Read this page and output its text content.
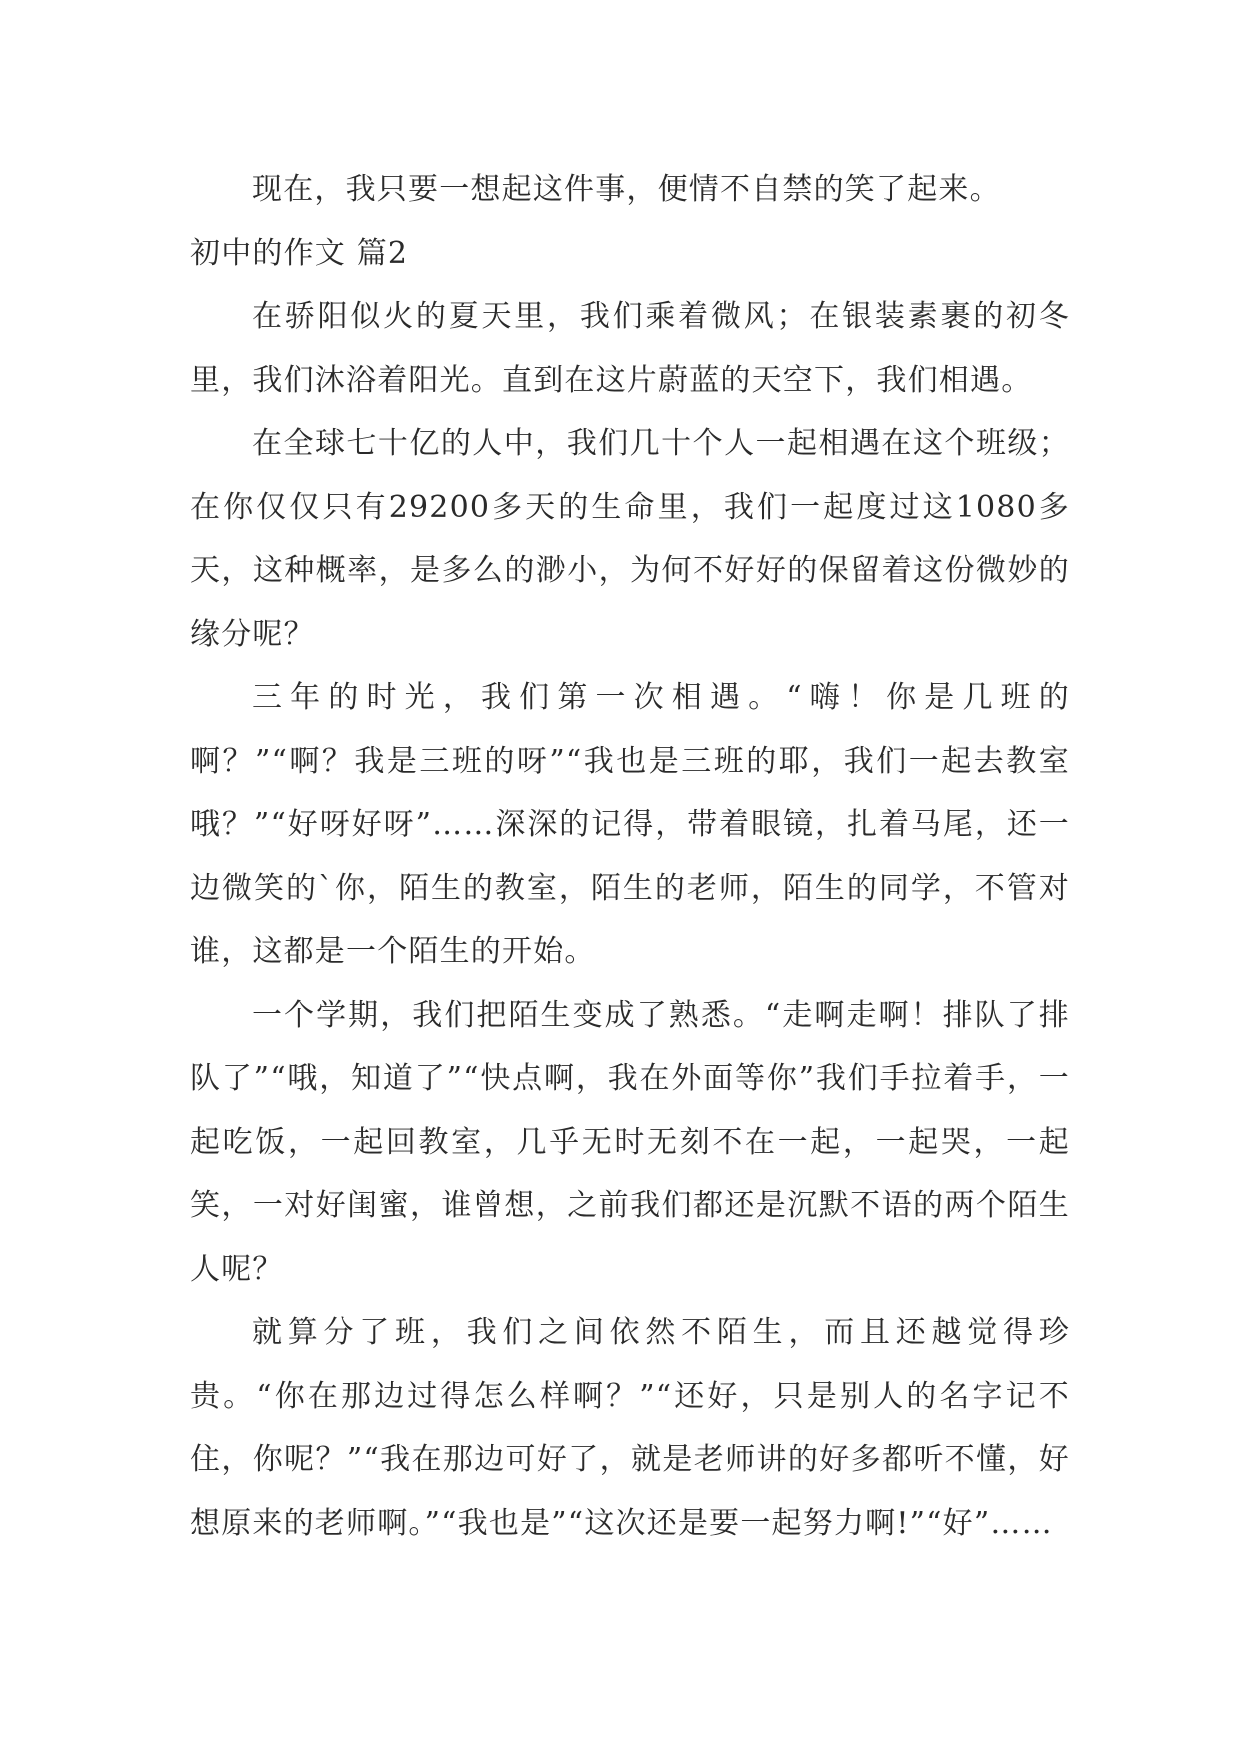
现在，我只要一想起这件事，便情不自禁的笑了起来。

初中的作文 篇2

在骄阳似火的夏天里，我们乘着微风；在银装素裹的初冬里，我们沐浴着阳光。直到在这片蔚蓝的天空下，我们相遇。

在全球七十亿的人中，我们几十个人一起相遇在这个班级；在你仅仅只有29200多天的生命里，我们一起度过这1080多天，这种概率，是多么的渺小，为何不好好的保留着这份微妙的缘分呢？

三年的时光，我们第一次相遇。“嗨！你是几班的啊？”“啊？我是三班的呀”“我也是三班的耶，我们一起去教室哦？”“好呀好呀”……深深的记得，带着眼镜，扎着马尾，还一边微笑的`你，陌生的教室，陌生的老师，陌生的同学，不管对谁，这都是一个陌生的开始。

一个学期，我们把陌生变成了熟悉。“走啊走啊！排队了排队了”“哦，知道了”“快点啊，我在外面等你”我们手拉着手，一起吃饭，一起回教室，几乎无时无刻不在一起，一起哭，一起笑，一对好闺蜜，谁曾想，之前我们都还是沉默不语的两个陌生人呢？

就算分了班，我们之间依然不陌生，而且还越觉得珍贵。“你在那边过得怎么样啊？”“还好，只是别人的名字记不住，你呢？”“我在那边可好了，就是老师讲的好多都听不懂，好想原来的老师啊。”“我也是”“这次还是要一起努力啊!”“好”……
